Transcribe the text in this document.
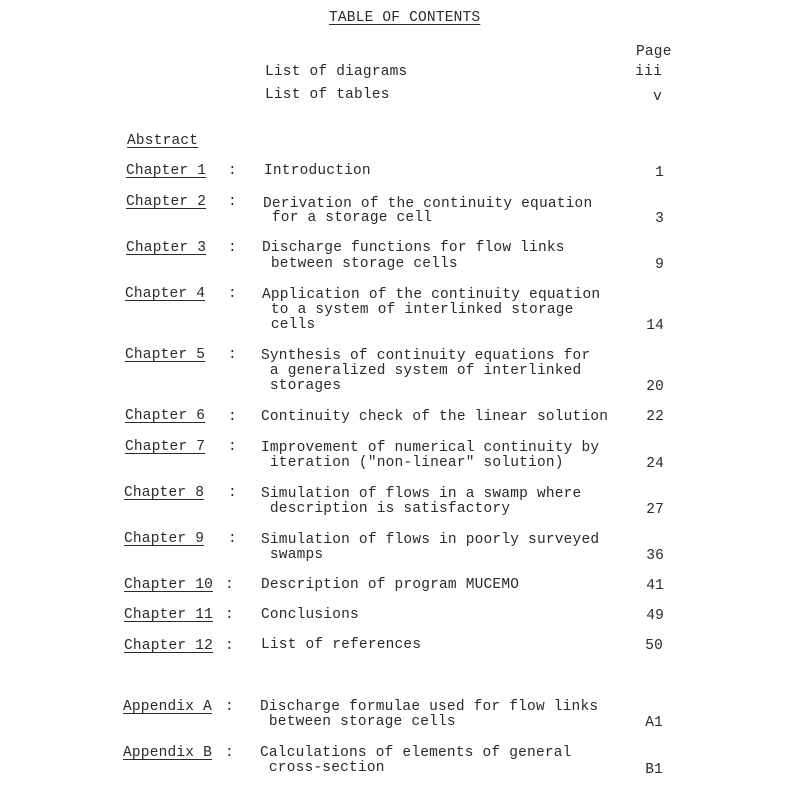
TABLE OF CONTENTS
Page
List of diagrams	iii
List of tables	v
Abstract
Chapter 1 : Introduction	1
Chapter 2 : Derivation of the continuity equation
for a storage cell	3
Chapter 3 : Discharge functions for flow links
between storage cells	9
Chapter 4 : Application of the continuity equation
to a system of interlinked storage
cells	14
Chapter 5 : Synthesis of continuity equations for
a generalized system of interlinked
storages	20
Chapter 6 : Continuity check of the linear solution	22
Chapter 7 : Improvement of numerical continuity by
iteration ("non-linear" solution)	24
Chapter 8 : Simulation of flows in a swamp where
description is satisfactory	27
Chapter 9 : Simulation of flows in poorly surveyed
swamps	36
Chapter 10 : Description of program MUCEMO	41
Chapter 11 : Conclusions	49
Chapter 12 : List of references	50
Appendix A : Discharge formulae used for flow links
between storage cells	A1
Appendix B : Calculations of elements of general
cross-section	B1
